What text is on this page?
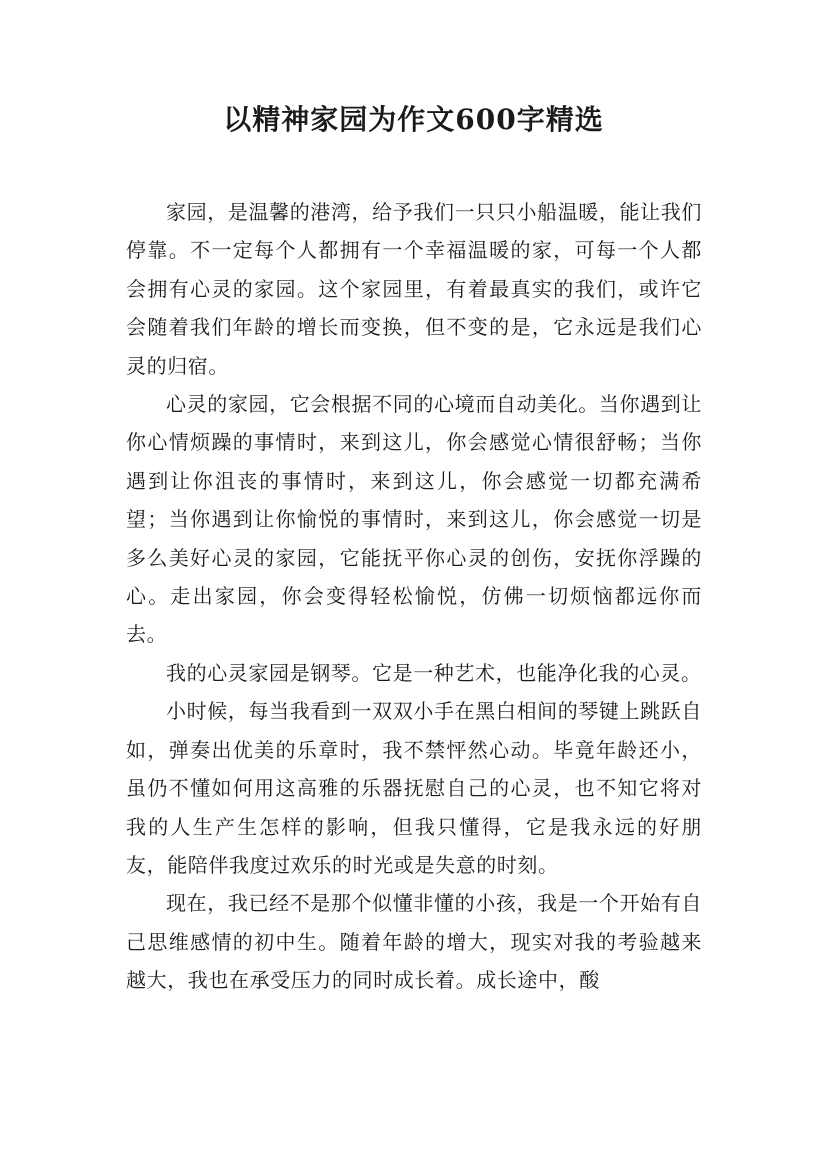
以精神家园为作文600字精选

家园，是温馨的港湾，给予我们一只只小船温暖，能让我们停靠。不一定每个人都拥有一个幸福温暖的家，可每一个人都会拥有心灵的家园。这个家园里，有着最真实的我们，或许它会随着我们年龄的增长而变换，但不变的是，它永远是我们心灵的归宿。

心灵的家园，它会根据不同的心境而自动美化。当你遇到让你心情烦躁的事情时，来到这儿，你会感觉心情很舒畅；当你遇到让你沮丧的事情时，来到这儿，你会感觉一切都充满希望；当你遇到让你愉悦的事情时，来到这儿，你会感觉一切是多么美好心灵的家园，它能抚平你心灵的创伤，安抚你浮躁的心。走出家园，你会变得轻松愉悦，仿佛一切烦恼都远你而去。

我的心灵家园是钢琴。它是一种艺术，也能净化我的心灵。

小时候，每当我看到一双双小手在黑白相间的琴键上跳跃自如，弹奏出优美的乐章时，我不禁怦然心动。毕竟年龄还小，虽仍不懂如何用这高雅的乐器抚慰自己的心灵，也不知它将对我的人生产生怎样的影响，但我只懂得，它是我永远的好朋友，能陪伴我度过欢乐的时光或是失意的时刻。

现在，我已经不是那个似懂非懂的小孩，我是一个开始有自己思维感情的初中生。随着年龄的增大，现实对我的考验越来越大，我也在承受压力的同时成长着。成长途中，酸
